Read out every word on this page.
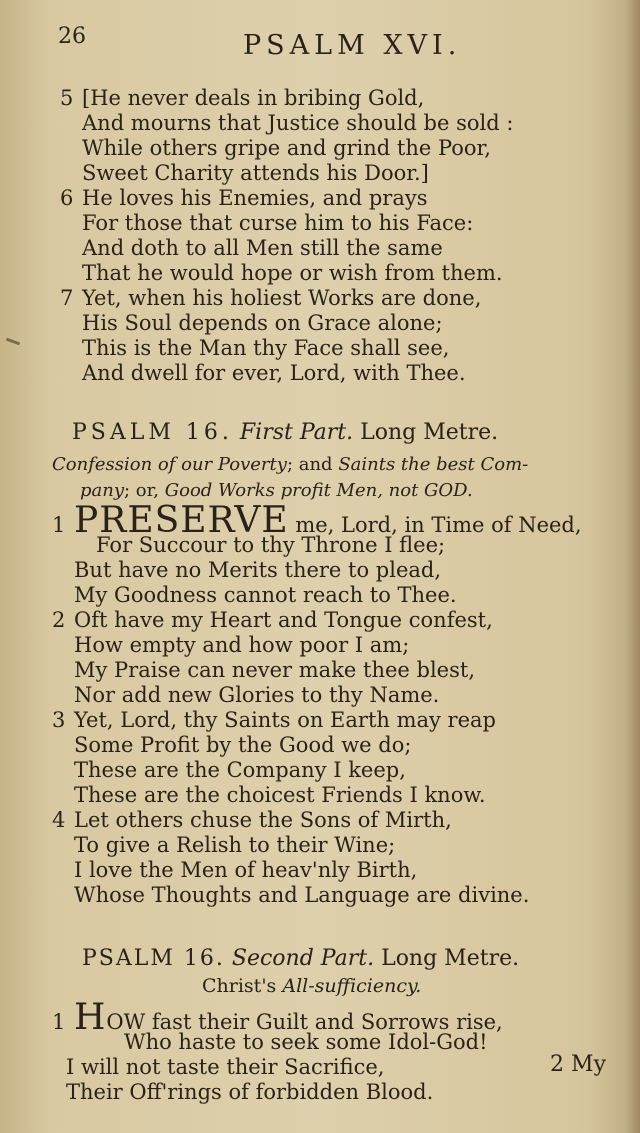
26	PSALM XVI.
5 [He never deals in bribing Gold,
And mourns that Justice should be sold :
While others gripe and grind the Poor,
Sweet Charity attends his Door.]
6 He loves his Enemies, and prays
For those that curse him to his Face:
And doth to all Men still the same
That he would hope or wish from them.
7 Yet, when his holiest Works are done,
His Soul depends on Grace alone;
This is the Man thy Face shall see,
And dwell for ever, Lord, with Thee.
PSALM 16. First Part. Long Metre.
Confession of our Poverty; and Saints the best Com-
pany; or, Good Works profit Men, not GOD.
1 PRESERVE me, Lord, in Time of Need,
For Succour to thy Throne I flee;
But have no Merits there to plead,
My Goodness cannot reach to Thee.
2 Oft have my Heart and Tongue confest,
How empty and how poor I am;
My Praise can never make thee blest,
Nor add new Glories to thy Name.
3 Yet, Lord, thy Saints on Earth may reap
Some Profit by the Good we do;
These are the Company I keep,
These are the choicest Friends I know.
4 Let others chuse the Sons of Mirth,
To give a Relish to their Wine;
I love the Men of heav'nly Birth,
Whose Thoughts and Language are divine.
PSALM 16. Second Part. Long Metre.
Christ's All-sufficiency.
1 HOW fast their Guilt and Sorrows rise,
Who haste to seek some Idol-God!
I will not taste their Sacrifice,
Their Off'rings of forbidden Blood.
2 My
